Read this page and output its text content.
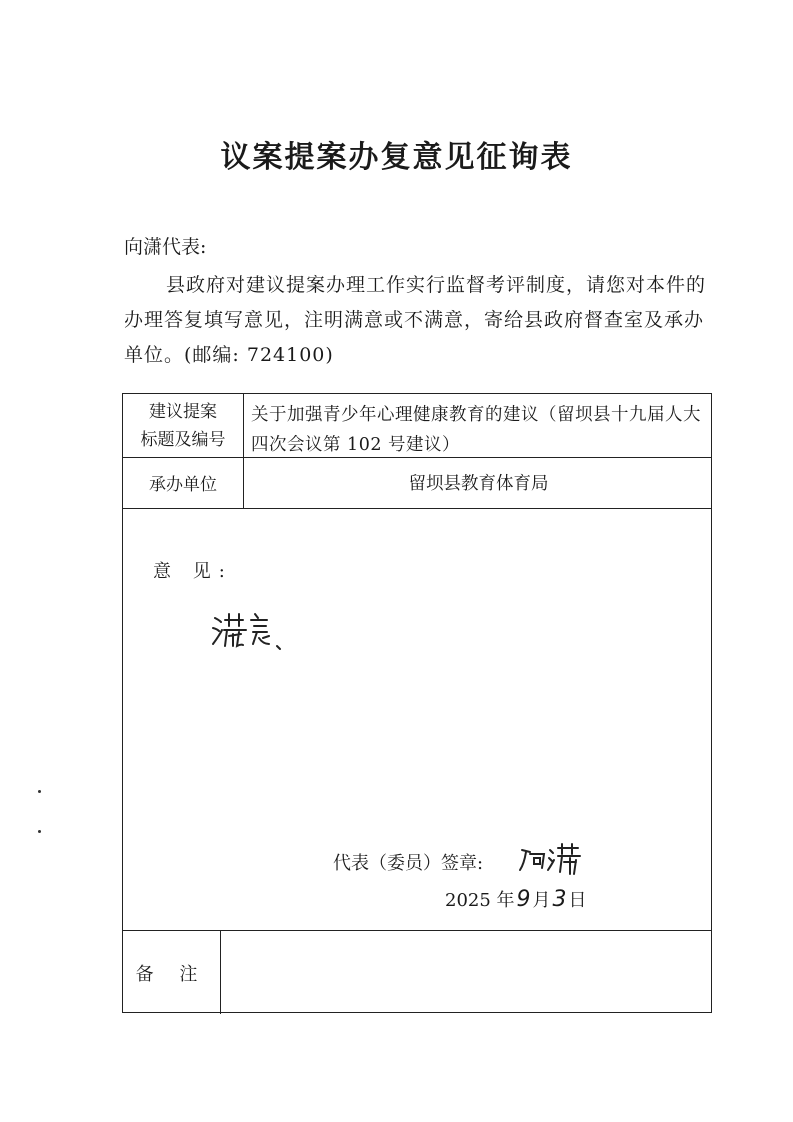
议案提案办复意见征询表
向潇代表:
县政府对建议提案办理工作实行监督考评制度，请您对本件的办理答复填写意见，注明满意或不满意，寄给县政府督查室及承办单位。(邮编: 724100)
建议提案
标题及编号
关于加强青少年心理健康教育的建议（留坝县十九届人大四次会议第 102 号建议）
承办单位	留坝县教育体育局
意 见:
代表（委员）签章:
2025 年9 月3 日
备 注
